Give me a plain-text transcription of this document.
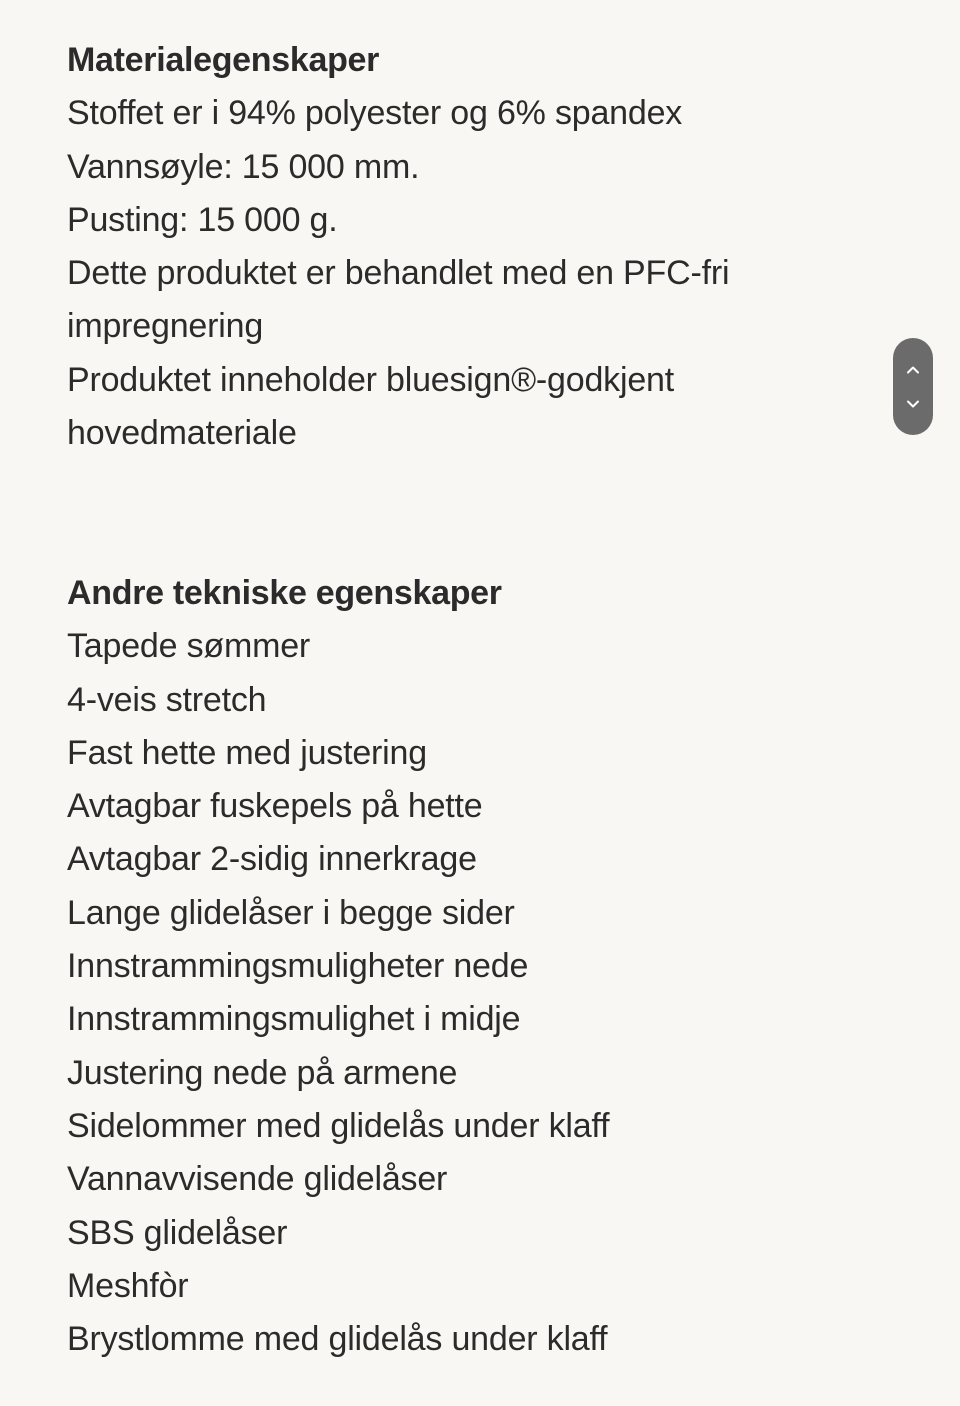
Materialegenskaper

Stoffet er i 94% polyester og 6% spandex

Vannsøyle: 15 000 mm.

Pusting: 15 000 g.

Dette produktet er behandlet med en PFC-fri

impregnering

Produktet inneholder bluesign®-godkjent

hovedmateriale

Andre tekniske egenskaper

Tapede sømmer

4-veis stretch

Fast hette med justering

Avtagbar fuskepels på hette

Avtagbar 2-sidig innerkrage

Lange glidelåser i begge sider

Innstrammingsmuligheter nede

Innstrammingsmulighet i midje

Justering nede på armene

Sidelommer med glidelås under klaff

Vannavvisende glidelåser

SBS glidelåser

Meshfòr

Brystlomme med glidelås under klaff
